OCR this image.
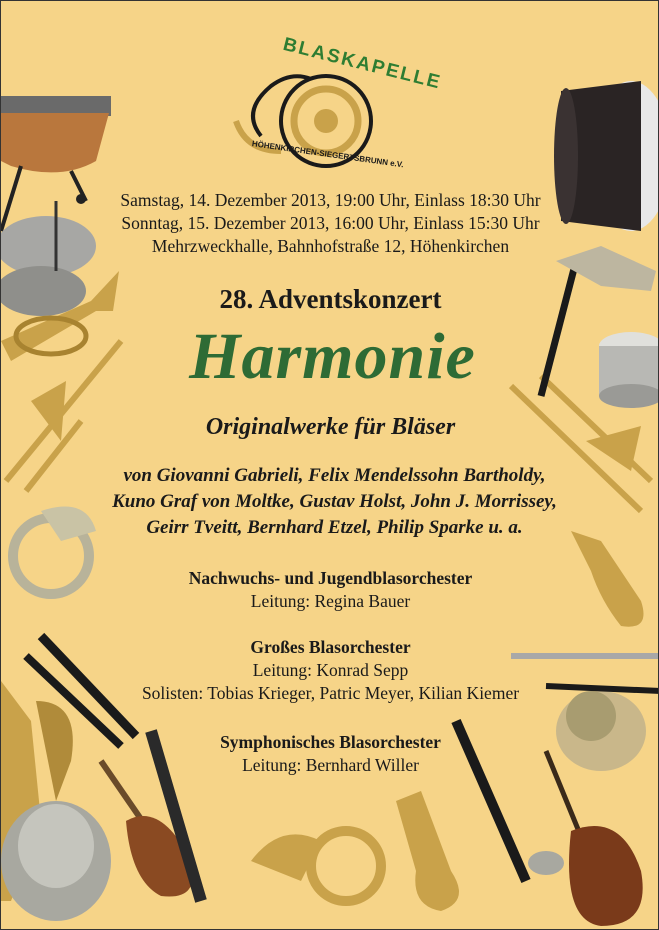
BLASKAPELLE
HÖHENKIRCHEN-SIEGERTSBRUNN e.V.
Samstag, 14. Dezember 2013, 19:00 Uhr, Einlass 18:30 Uhr
Sonntag, 15. Dezember 2013, 16:00 Uhr, Einlass 15:30 Uhr
Mehrzweckhalle, Bahnhofstraße 12, Höhenkirchen
28. Adventskonzert
Harmonie
Originalwerke für Bläser
von Giovanni Gabrieli, Felix Mendelssohn Bartholdy,
Kuno Graf von Moltke, Gustav Holst, John J. Morrissey,
Geirr Tveitt, Bernhard Etzel, Philip Sparke u. a.
Nachwuchs- und Jugendblasorchester
Leitung: Regina Bauer
Großes Blasorchester
Leitung: Konrad Sepp
Solisten: Tobias Krieger, Patric Meyer, Kilian Kiemer
Symphonisches Blasorchester
Leitung: Bernhard Willer
